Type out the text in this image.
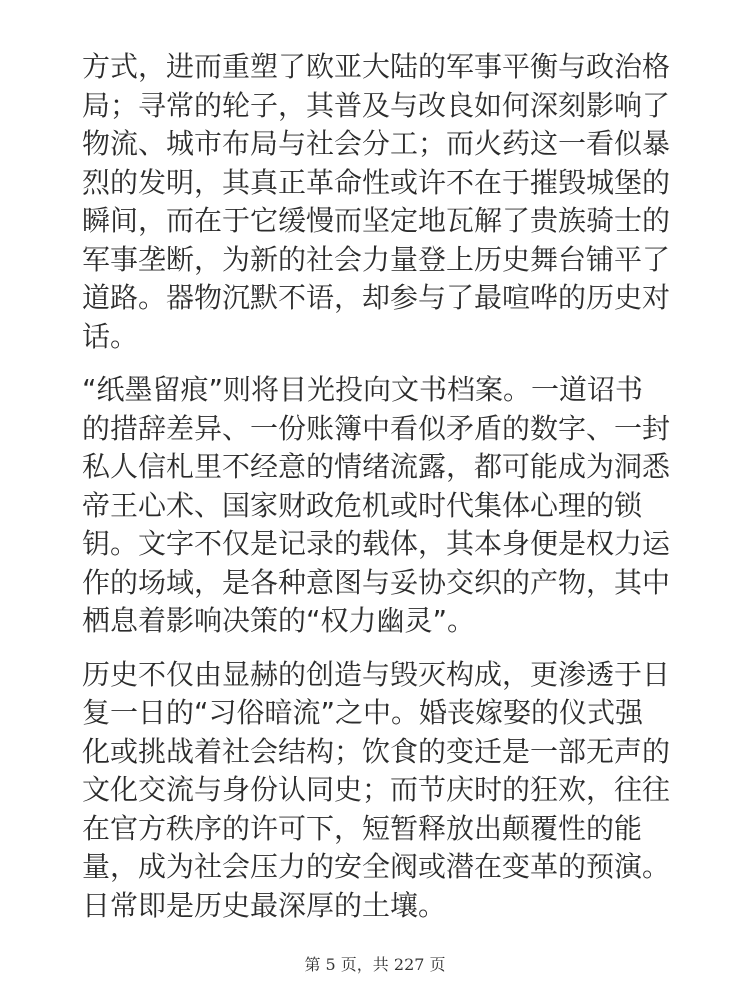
方式，进而重塑了欧亚大陆的军事平衡与政治格局；寻常的轮子，其普及与改良如何深刻影响了物流、城市布局与社会分工；而火药这一看似暴烈的发明，其真正革命性或许不在于摧毁城堡的瞬间，而在于它缓慢而坚定地瓦解了贵族骑士的军事垄断，为新的社会力量登上历史舞台铺平了道路。器物沉默不语，却参与了最喧哗的历史对话。

“纸墨留痕”则将目光投向文书档案。一道诏书的措辞差异、一份账簿中看似矛盾的数字、一封私人信札里不经意的情绪流露，都可能成为洞悉帝王心术、国家财政危机或时代集体心理的锁钥。文字不仅是记录的载体，其本身便是权力运作的场域，是各种意图与妥协交织的产物，其中栖息着影响决策的“权力幽灵”。

历史不仅由显赫的创造与毁灭构成，更渗透于日复一日的“习俗暗流”之中。婚丧嫁娶的仪式强化或挑战着社会结构；饮食的变迁是一部无声的文化交流与身份认同史；而节庆时的狂欢，往往在官方秩序的许可下，短暂释放出颠覆性的能量，成为社会压力的安全阀或潜在变革的预演。日常即是历史最深厚的土壤。

第 5 页，共 227 页
